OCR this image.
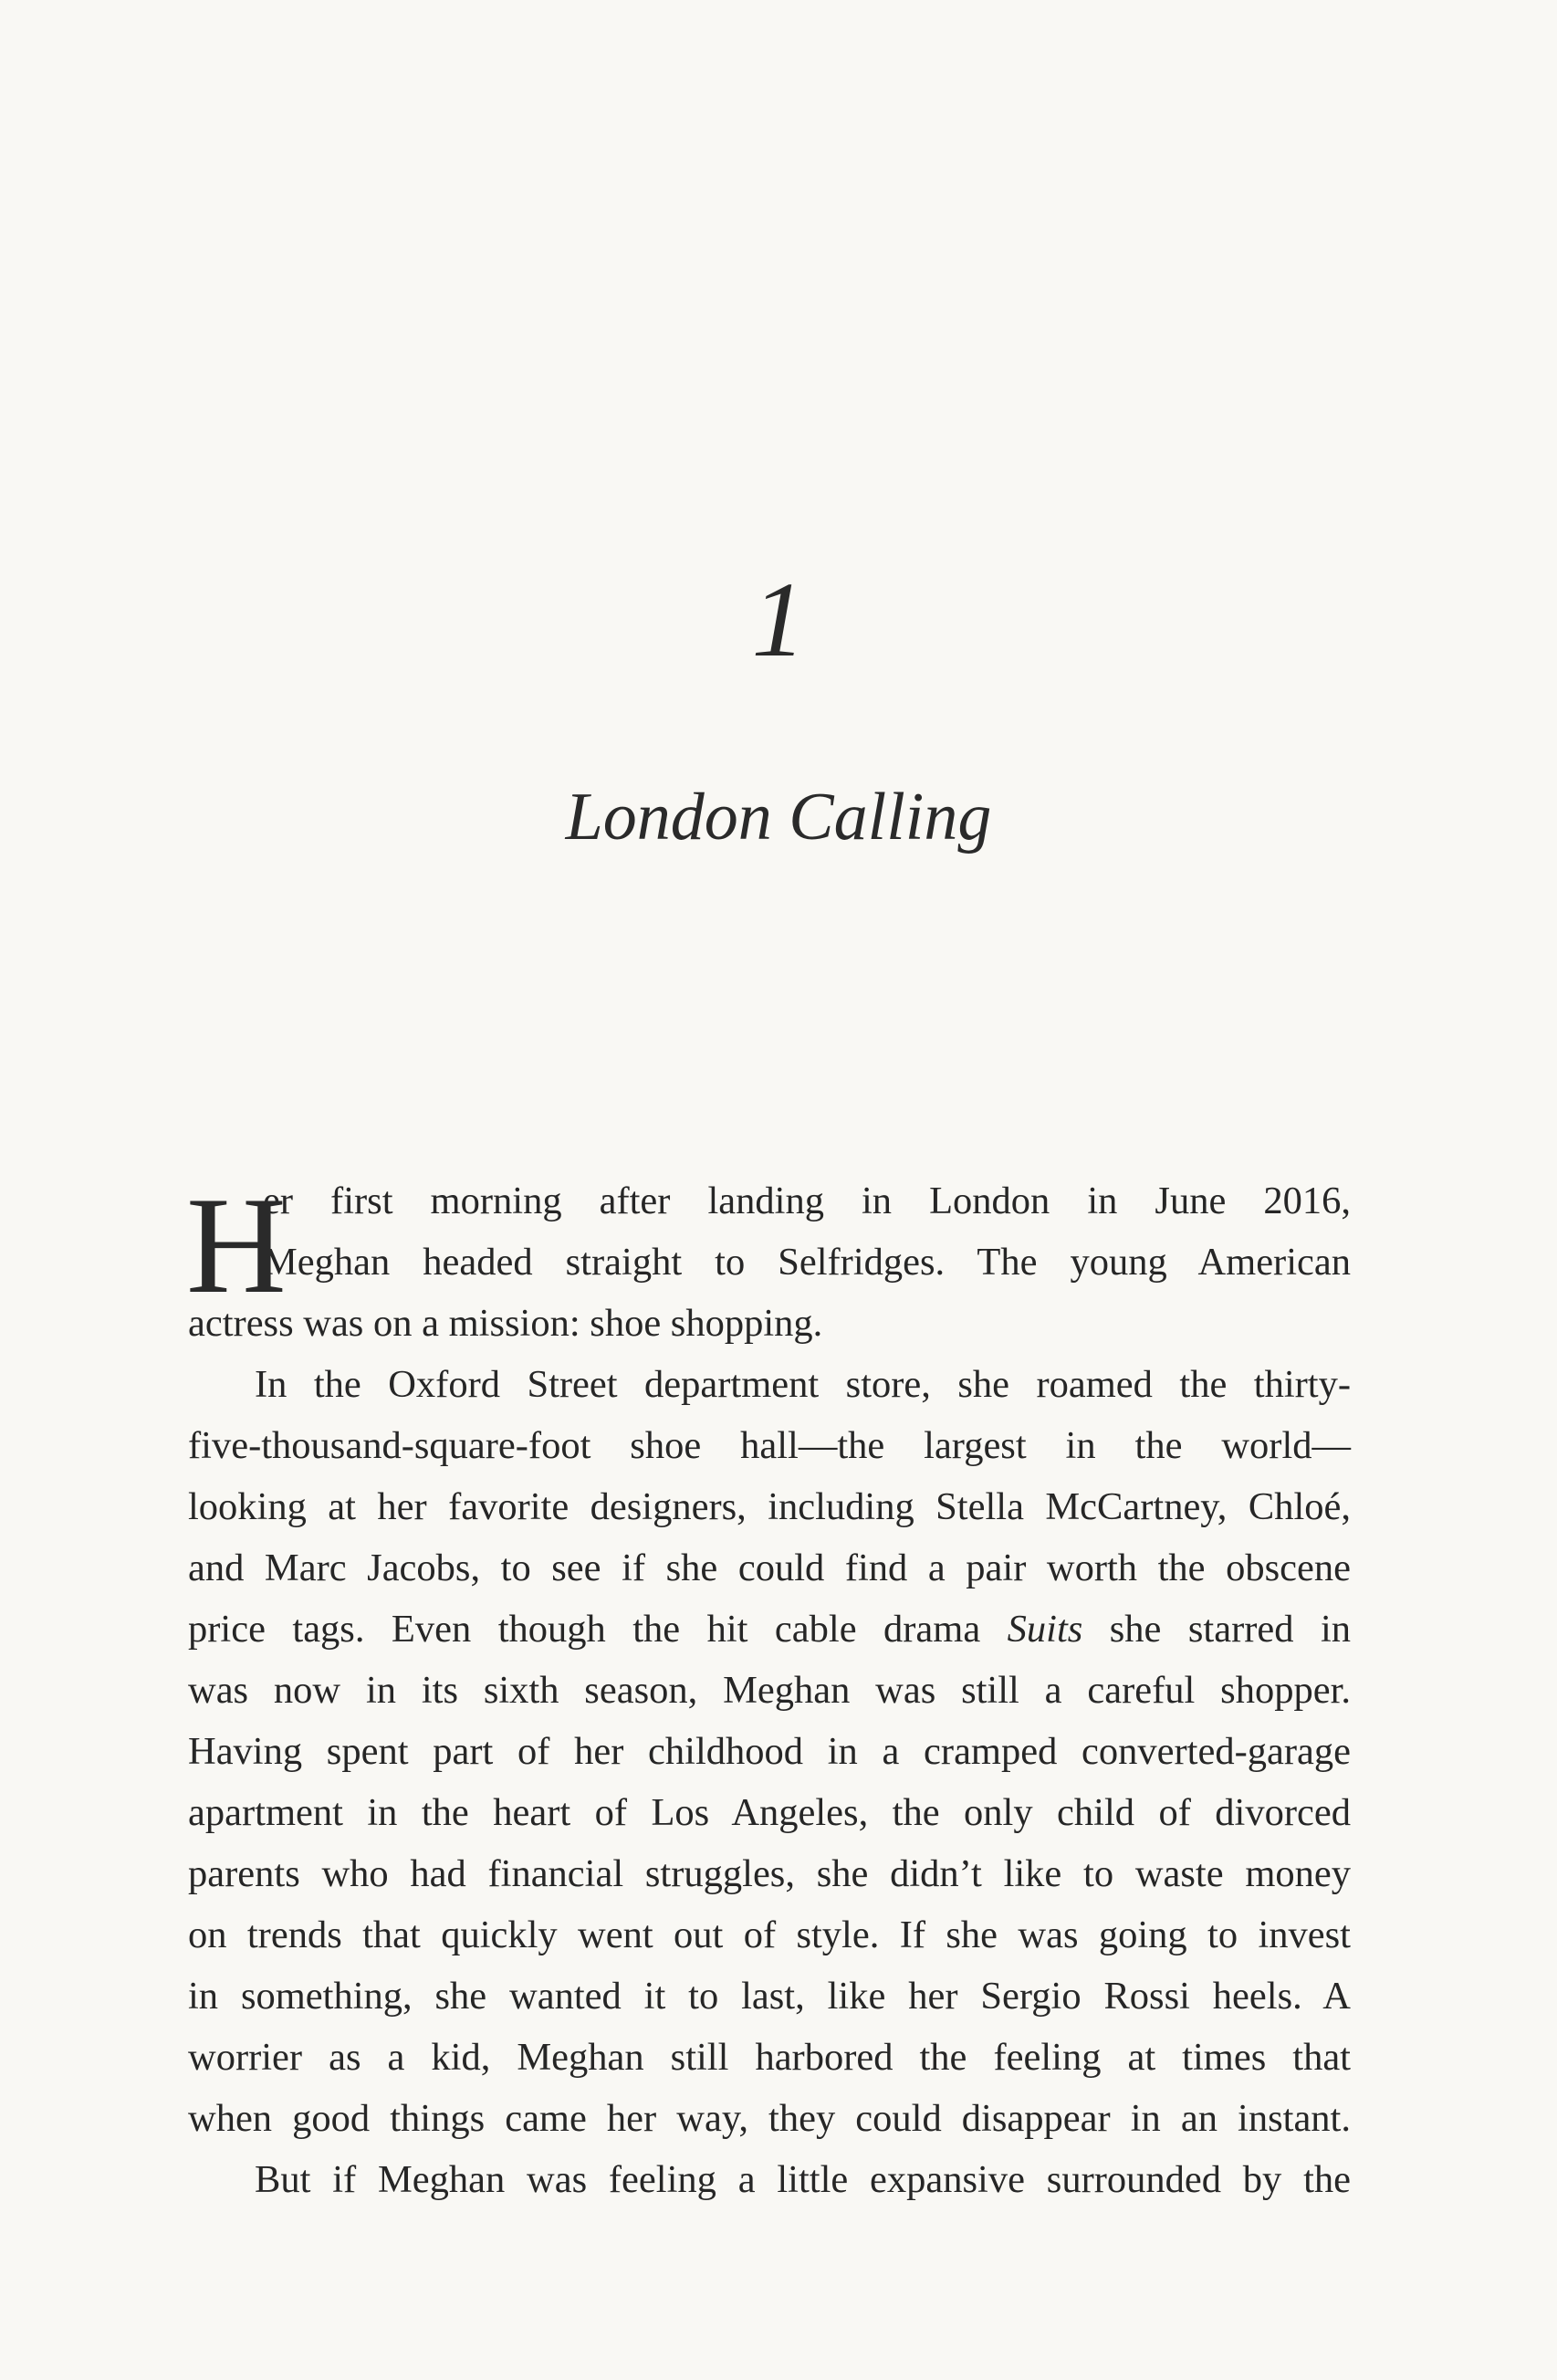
1
London Calling

H
er first morning after landing in London in June 2016,
Meghan headed straight to Selfridges. The young American
actress was on a mission: shoe shopping.

In the Oxford Street department store, she roamed the thirty-
five-thousand-square-foot shoe hall—the largest in the world—
looking at her favorite designers, including Stella McCartney, Chloé,
and Marc Jacobs, to see if she could find a pair worth the obscene
price tags. Even though the hit cable drama Suits she starred in
was now in its sixth season, Meghan was still a careful shopper.
Having spent part of her childhood in a cramped converted-garage
apartment in the heart of Los Angeles, the only child of divorced
parents who had financial struggles, she didn’t like to waste money
on trends that quickly went out of style. If she was going to invest
in something, she wanted it to last, like her Sergio Rossi heels. A
worrier as a kid, Meghan still harbored the feeling at times that
when good things came her way, they could disappear in an instant.

But if Meghan was feeling a little expansive surrounded by the
